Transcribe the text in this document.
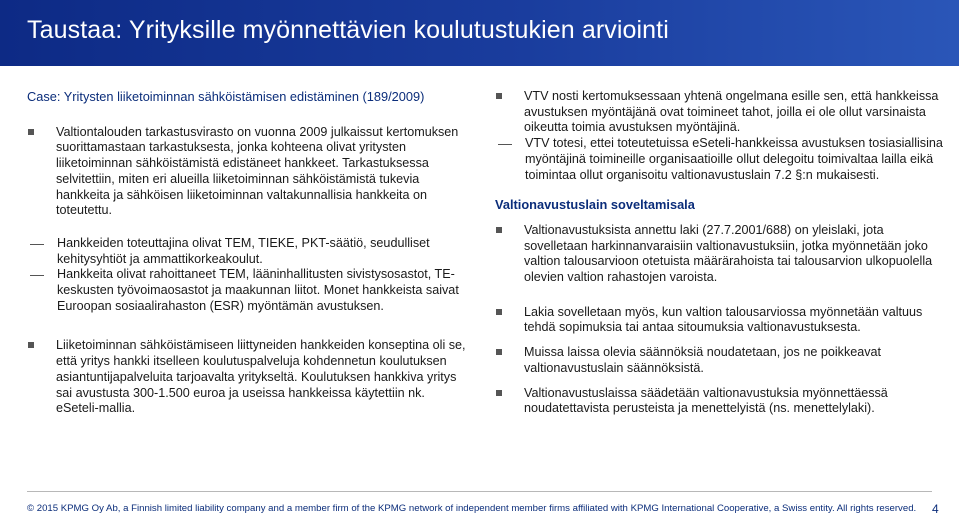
Taustaa: Yrityksille myönnettävien koulutustukien arviointi
Case: Yritysten liiketoiminnan sähköistämisen edistäminen (189/2009)
Valtiontalouden tarkastusvirasto on vuonna 2009 julkaissut kertomuksen suorittamastaan tarkastuksesta, jonka kohteena olivat yritysten liiketoiminnan sähköistämistä edistäneet hankkeet. Tarkastuksessa selvitettiin, miten eri alueilla liiketoiminnan sähköistämistä tukevia hankkeita ja sähköisen liiketoiminnan valtakunnallisia hankkeita on toteutettu.
Hankkeiden toteuttajina olivat TEM, TIEKE, PKT-säätiö, seudulliset kehitysyhtiöt ja ammattikorkeakoulut.
Hankkeita olivat rahoittaneet TEM, lääninhallitusten sivistysosastot, TE-keskusten työvoimaosastot ja maakunnan liitot. Monet hankkeista saivat Euroopan sosiaalirahaston (ESR) myöntämän avustuksen.
Liiketoiminnan sähköistämiseen liittyneiden hankkeiden konseptina oli se, että yritys hankki itselleen koulutuspalveluja kohdennetun koulutuksen asiantuntijapalveluita tarjoavalta yritykseltä. Koulutuksen hankkiva yritys sai avustusta 300-1.500 euroa ja useissa hankkeissa käytettiin nk. eSeteli-mallia.
VTV nosti kertomuksessaan yhtenä ongelmana esille sen, että hankkeissa avustuksen myöntäjänä ovat toimineet tahot, joilla ei ole ollut varsinaista oikeutta toimia avustuksen myöntäjinä.
VTV totesi, ettei toteutetuissa eSeteli-hankkeissa avustuksen tosiasiallisina myöntäjinä toimineille organisaatioille ollut delegoitu toimivaltaa lailla eikä toimintaa ollut organisoitu valtionavustuslain 7.2 §:n mukaisesti.
Valtionavustuslain soveltamisala
Valtionavustuksista annettu laki (27.7.2001/688) on yleislaki, jota sovelletaan harkinnanvaraisiin valtionavustuksiin, jotka myönnetään joko valtion talousarvioon otetuista määrärahoista tai talousarvion ulkopuolella olevien valtion rahastojen varoista.
Lakia sovelletaan myös, kun valtion talousarviossa myönnetään valtuus tehdä sopimuksia tai antaa sitoumuksia valtionavustuksesta.
Muissa laissa olevia säännöksiä noudatetaan, jos ne poikkeavat valtionavustuslain säännöksistä.
Valtionavustuslaissa säädetään valtionavustuksia myönnettäessä noudatettavista perusteista ja menettelyistä (ns. menettelylaki).
© 2015 KPMG Oy Ab, a Finnish limited liability company and a member firm of the KPMG network of independent member firms affiliated with KPMG International Cooperative, a Swiss entity. All rights reserved. 4
